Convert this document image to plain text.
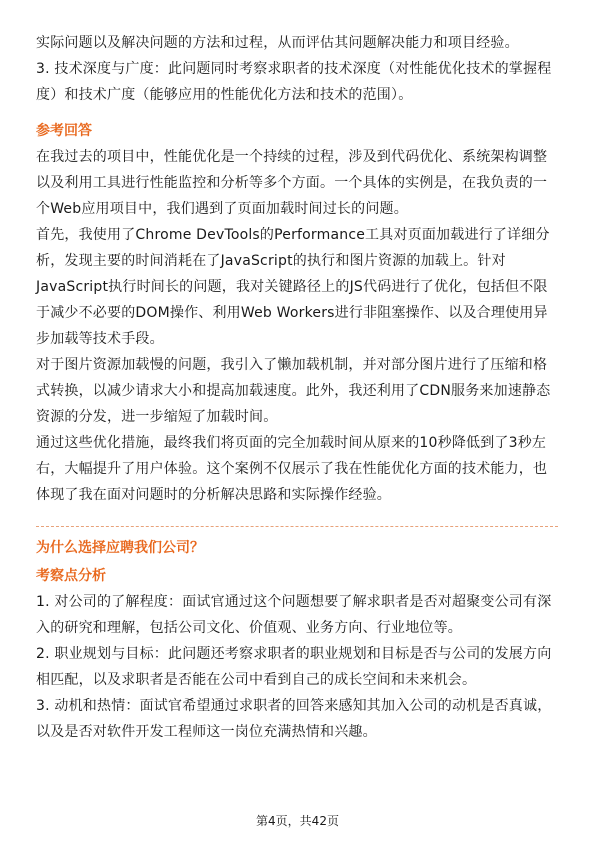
实际问题以及解决问题的方法和过程，从而评估其问题解决能力和项目经验。

3. 技术深度与广度：此问题同时考察求职者的技术深度（对性能优化技术的掌握程度）和技术广度（能够应用的性能优化方法和技术的范围）。

参考回答

在我过去的项目中，性能优化是一个持续的过程，涉及到代码优化、系统架构调整以及利用工具进行性能监控和分析等多个方面。一个具体的实例是，在我负责的一个Web应用项目中，我们遇到了页面加载时间过长的问题。

首先，我使用了Chrome DevTools的Performance工具对页面加载进行了详细分析，发现主要的时间消耗在了JavaScript的执行和图片资源的加载上。针对JavaScript执行时间长的问题，我对关键路径上的JS代码进行了优化，包括但不限于减少不必要的DOM操作、利用Web Workers进行非阻塞操作、以及合理使用异步加载等技术手段。

对于图片资源加载慢的问题，我引入了懒加载机制，并对部分图片进行了压缩和格式转换，以减少请求大小和提高加载速度。此外，我还利用了CDN服务来加速静态资源的分发，进一步缩短了加载时间。

通过这些优化措施，最终我们将页面的完全加载时间从原来的10秒降低到了3秒左右，大幅提升了用户体验。这个案例不仅展示了我在性能优化方面的技术能力，也体现了我在面对问题时的分析解决思路和实际操作经验。

为什么选择应聘我们公司？

考察点分析

1. 对公司的了解程度：面试官通过这个问题想要了解求职者是否对超聚变公司有深入的研究和理解，包括公司文化、价值观、业务方向、行业地位等。

2. 职业规划与目标：此问题还考察求职者的职业规划和目标是否与公司的发展方向相匹配，以及求职者是否能在公司中看到自己的成长空间和未来机会。

3. 动机和热情：面试官希望通过求职者的回答来感知其加入公司的动机是否真诚，以及是否对软件开发工程师这一岗位充满热情和兴趣。

第4页，共42页
